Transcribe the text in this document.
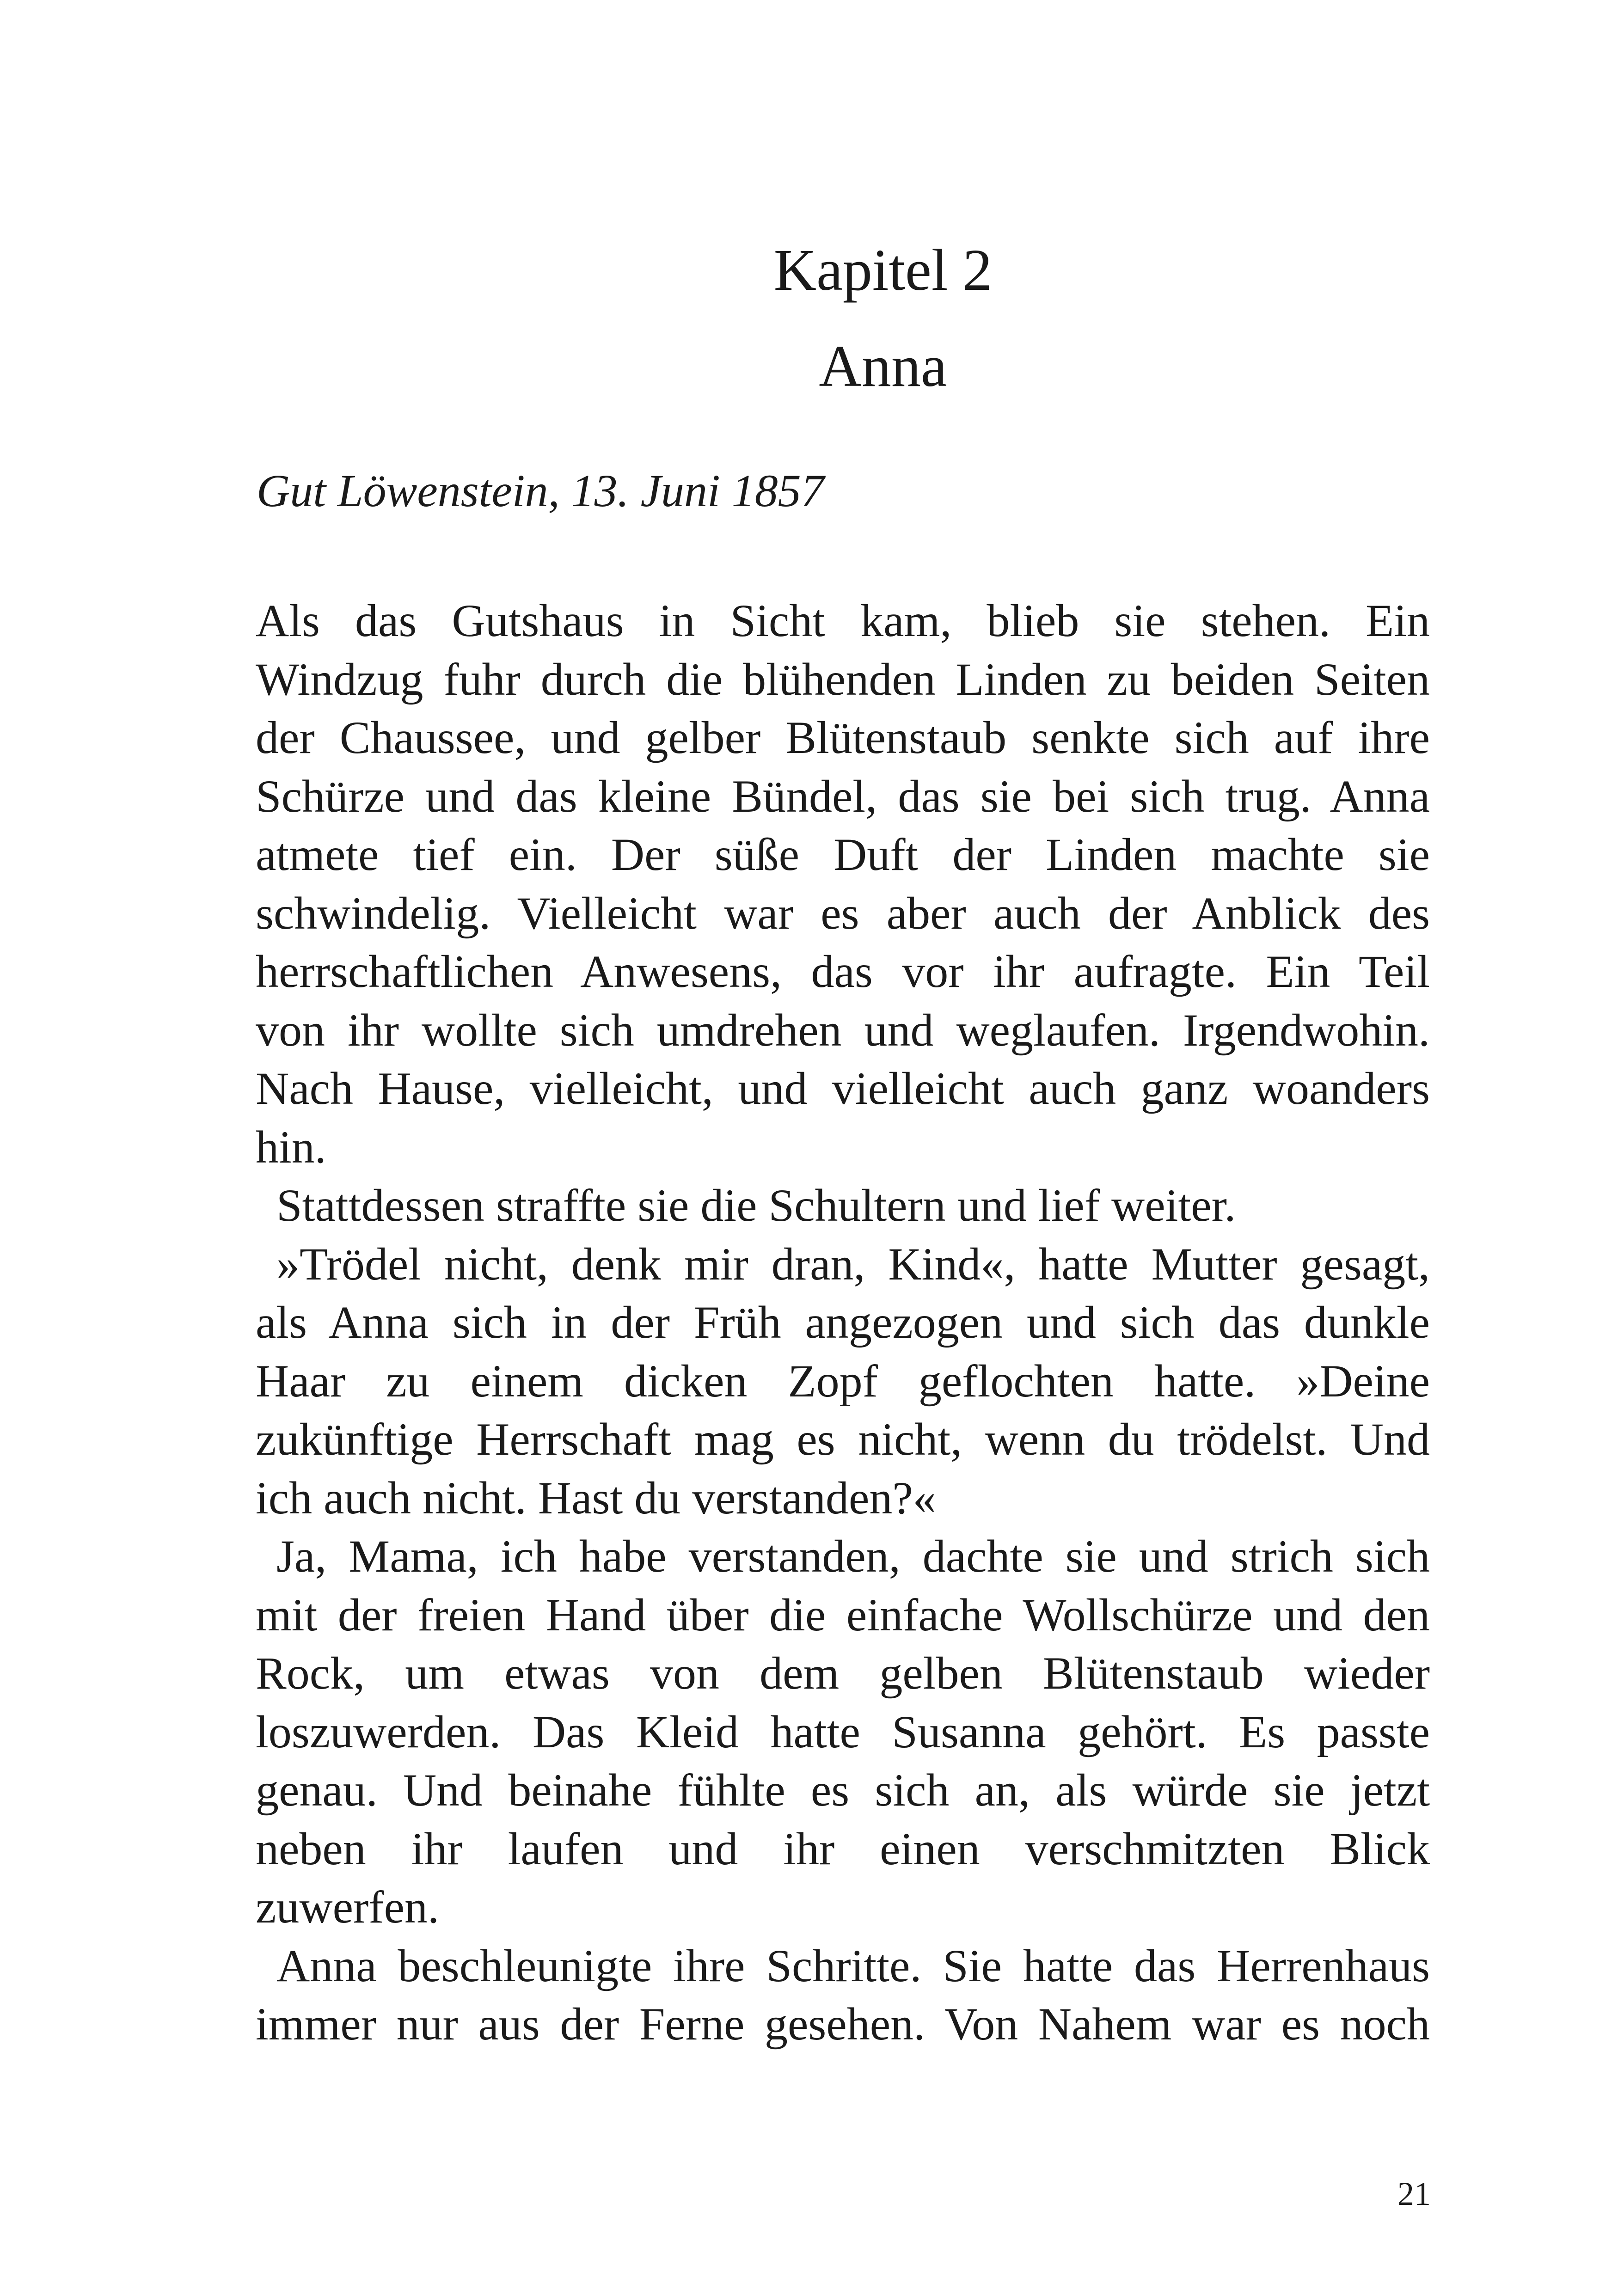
Kapitel 2
Anna
Gut Löwenstein, 13. Juni 1857
Als das Gutshaus in Sicht kam, blieb sie stehen. Ein
Windzug fuhr durch die blühenden Linden zu beiden Seiten
der Chaussee, und gelber Blütenstaub senkte sich auf ihre
Schürze und das kleine Bündel, das sie bei sich trug. Anna
atmete tief ein. Der süße Duft der Linden machte sie
schwindelig. Vielleicht war es aber auch der Anblick des
herrschaftlichen Anwesens, das vor ihr aufragte. Ein Teil
von ihr wollte sich umdrehen und weglaufen. Irgendwohin.
Nach Hause, vielleicht, und vielleicht auch ganz woanders
hin.
Stattdessen straffte sie die Schultern und lief weiter.
»Trödel nicht, denk mir dran, Kind«, hatte Mutter gesagt,
als Anna sich in der Früh angezogen und sich das dunkle
Haar zu einem dicken Zopf geflochten hatte. »Deine
zukünftige Herrschaft mag es nicht, wenn du trödelst. Und
ich auch nicht. Hast du verstanden?«
Ja, Mama, ich habe verstanden, dachte sie und strich sich
mit der freien Hand über die einfache Wollschürze und den
Rock, um etwas von dem gelben Blütenstaub wieder
loszuwerden. Das Kleid hatte Susanna gehört. Es passte
genau. Und beinahe fühlte es sich an, als würde sie jetzt
neben ihr laufen und ihr einen verschmitzten Blick
zuwerfen.
Anna beschleunigte ihre Schritte. Sie hatte das Herrenhaus
immer nur aus der Ferne gesehen. Von Nahem war es noch
21
